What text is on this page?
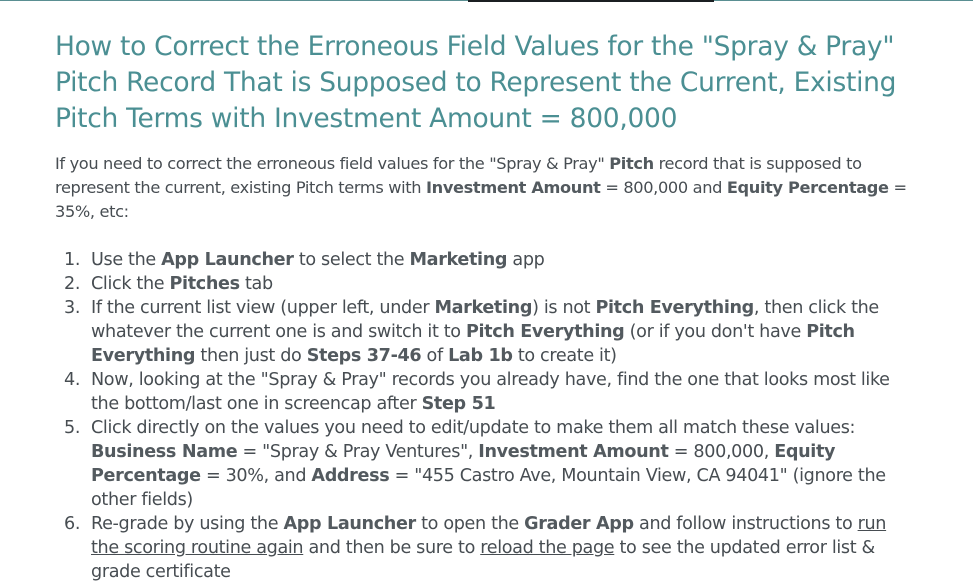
How to Correct the Erroneous Field Values for the "Spray & Pray" Pitch Record That is Supposed to Represent the Current, Existing Pitch Terms with Investment Amount = 800,000

If you need to correct the erroneous field values for the "Spray & Pray" Pitch record that is supposed to represent the current, existing Pitch terms with Investment Amount = 800,000 and Equity Percentage = 35%, etc:

1. Use the App Launcher to select the Marketing app
2. Click the Pitches tab
3. If the current list view (upper left, under Marketing) is not Pitch Everything, then click the whatever the current one is and switch it to Pitch Everything (or if you don't have Pitch Everything then just do Steps 37-46 of Lab 1b to create it)
4. Now, looking at the "Spray & Pray" records you already have, find the one that looks most like the bottom/last one in screencap after Step 51
5. Click directly on the values you need to edit/update to make them all match these values: Business Name = "Spray & Pray Ventures", Investment Amount = 800,000, Equity Percentage = 30%, and Address = "455 Castro Ave, Mountain View, CA 94041" (ignore the other fields)
6. Re-grade by using the App Launcher to open the Grader App and follow instructions to run the scoring routine again and then be sure to reload the page to see the updated error list & grade certificate
